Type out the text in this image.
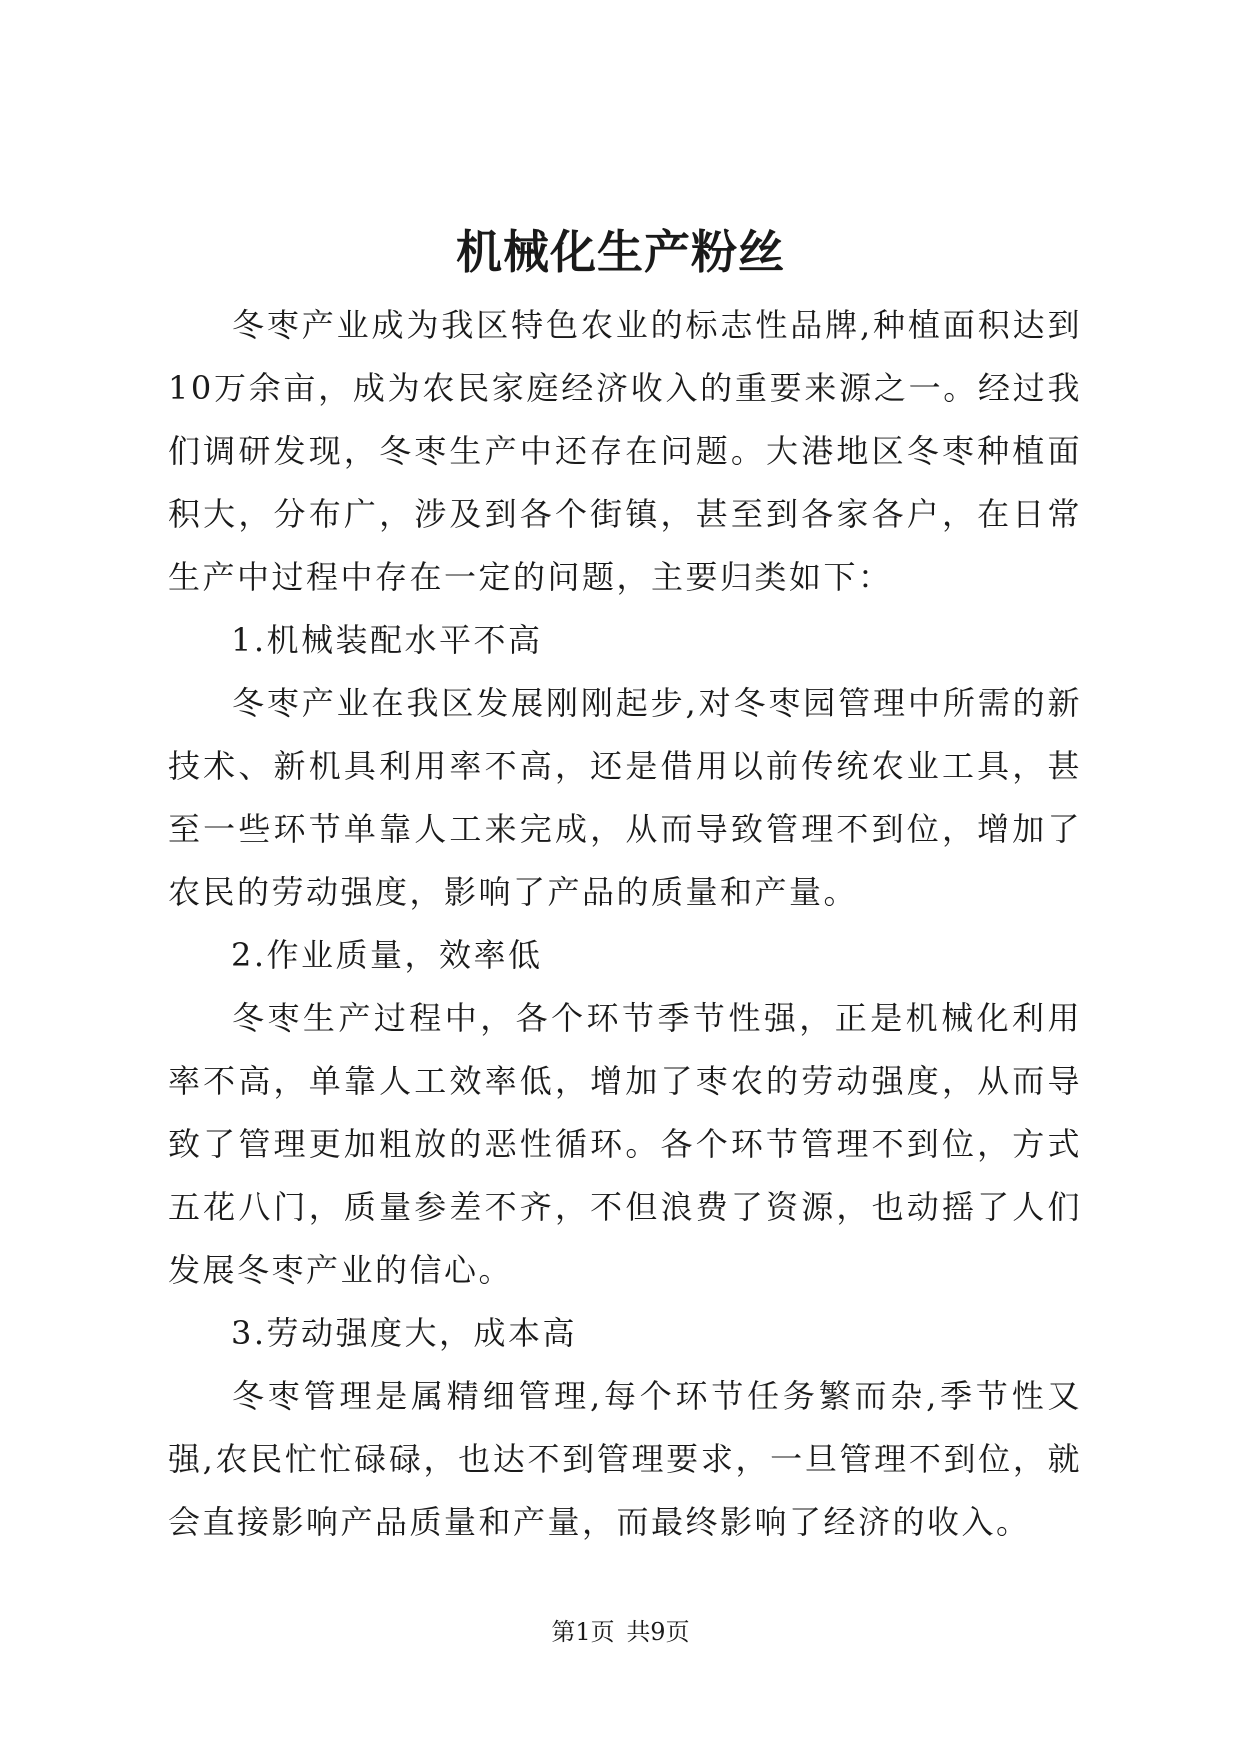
机械化生产粉丝

冬枣产业成为我区特色农业的标志性品牌,种植面积达到10万余亩，成为农民家庭经济收入的重要来源之一。经过我们调研发现，冬枣生产中还存在问题。大港地区冬枣种植面积大，分布广，涉及到各个街镇，甚至到各家各户，在日常生产中过程中存在一定的问题，主要归类如下：

1.机械装配水平不高

冬枣产业在我区发展刚刚起步,对冬枣园管理中所需的新技术、新机具利用率不高，还是借用以前传统农业工具，甚至一些环节单靠人工来完成，从而导致管理不到位，增加了农民的劳动强度，影响了产品的质量和产量。

2.作业质量，效率低

冬枣生产过程中，各个环节季节性强，正是机械化利用率不高，单靠人工效率低，增加了枣农的劳动强度，从而导致了管理更加粗放的恶性循环。各个环节管理不到位，方式五花八门，质量参差不齐，不但浪费了资源，也动摇了人们发展冬枣产业的信心。

3.劳动强度大，成本高

冬枣管理是属精细管理,每个环节任务繁而杂,季节性又强,农民忙忙碌碌，也达不到管理要求，一旦管理不到位，就会直接影响产品质量和产量，而最终影响了经济的收入。

第1页 共9页
